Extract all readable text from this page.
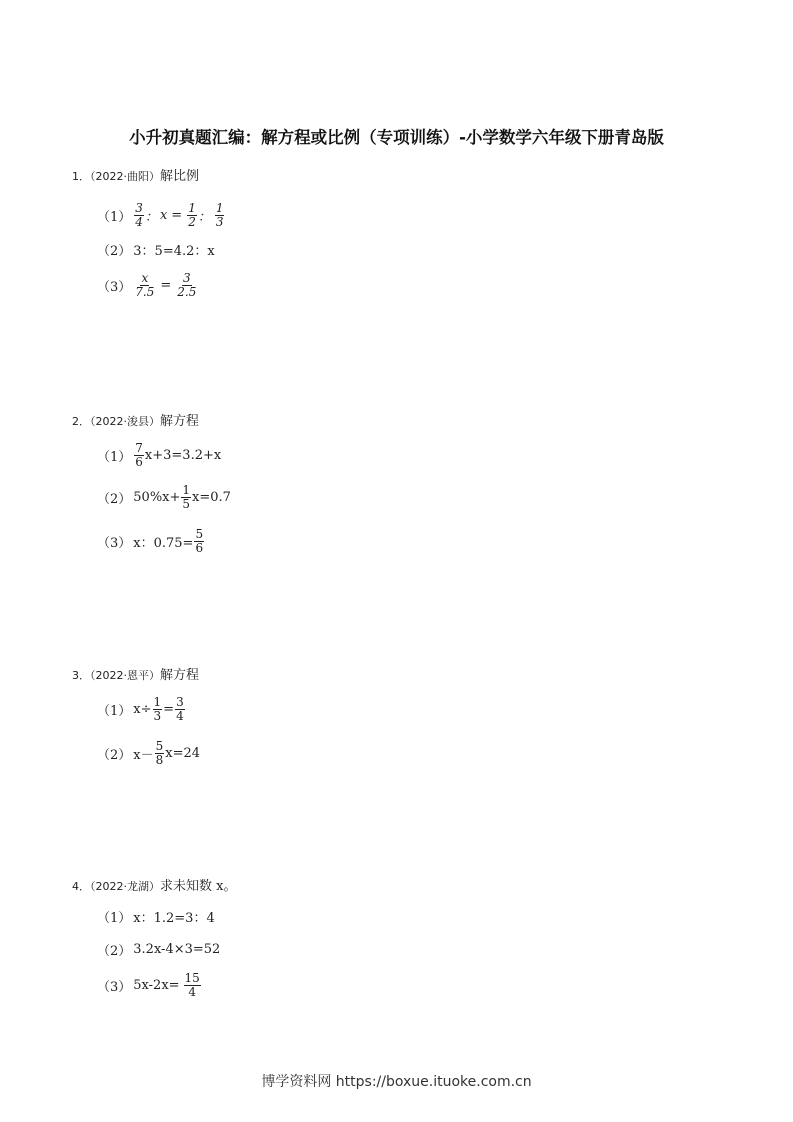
小升初真题汇编：解方程或比例（专项训练）-小学数学六年级下册青岛版
1．（2022·曲阳）解比例
$(1) \frac{3}{4}$ ： $x = \frac{1}{2}$ ： $\frac{1}{3}$
（2） 3：5=4.2：x
$(3) \frac{x}{7.5} = \frac{3}{2.5}$
2．（2022·浚县）解方程
$(1) \frac{7}{6} x+3=3.2+x$
（2） $50\%x+ \frac{1}{5} x=0.7$
（3） x：$0.75= \frac{5}{6}$
3．（2022·恩平）解方程
（1） $x\div \frac{1}{3} = \frac{3}{4}$
（2） $x- \frac{5}{8} x=24$
4．（2022·龙湖）求未知数 x。
（1） x：1.2=3：4
（2） 3.2x-4×3=52
（3） $5x-2x= \frac{15}{4}$
博学资料网 https://boxue.ituoke.com.cn
